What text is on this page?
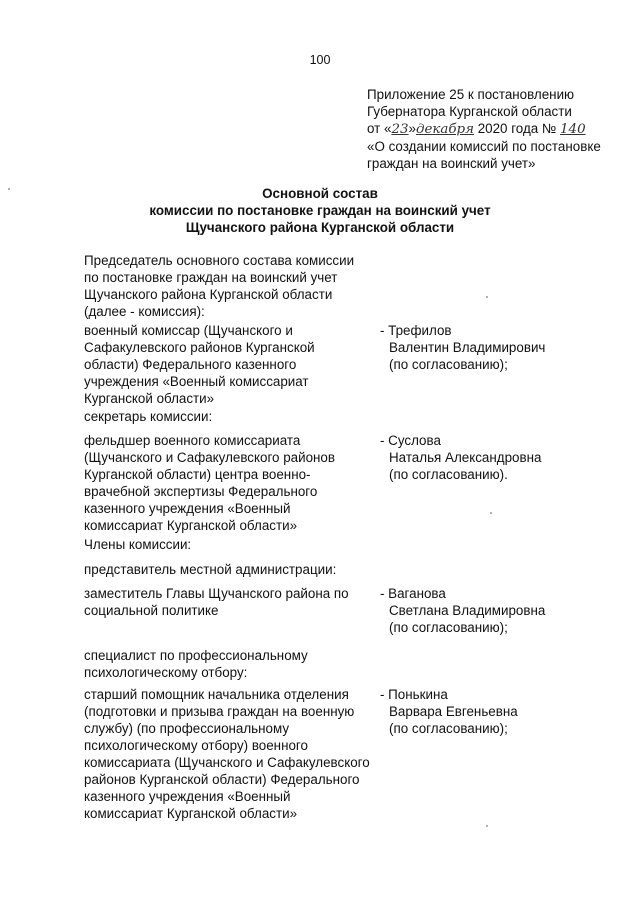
100
Приложение 25 к постановлению
Губернатора Курганской области
от «23»декабря 2020 года № 140
«О создании комиссий по постановке
граждан на воинский учет»
Основной состав
комиссии по постановке граждан на воинский учет
Щучанского района Курганской области
Председатель основного состава комиссии
по постановке граждан на воинский учет
Щучанского района Курганской области
(далее - комиссия):
военный комиссар (Щучанского и
Сафакулевского районов Курганской
области) Федерального казенного
учреждения «Военный комиссариат
Курганской области»
- Трефилов
Валентин Владимирович
(по согласованию);
секретарь комиссии:
фельдшер военного комиссариата
(Щучанского и Сафакулевского районов
Курганской области) центра военно-
врачебной экспертизы Федерального
казенного учреждения «Военный
комиссариат Курганской области»
- Суслова
Наталья Александровна
(по согласованию).
Члены комиссии:
представитель местной администрации:
заместитель Главы Щучанского района по
социальной политике
- Ваганова
Светлана Владимировна
(по согласованию);
специалист по профессиональному
психологическому отбору:
старший помощник начальника отделения
(подготовки и призыва граждан на военную
службу) (по профессиональному
психологическому отбору) военного
комиссариата (Щучанского и Сафакулевского
районов Курганской области) Федерального
казенного учреждения «Военный
комиссариат Курганской области»
- Понькина
Варвара Евгеньевна
(по согласованию);
